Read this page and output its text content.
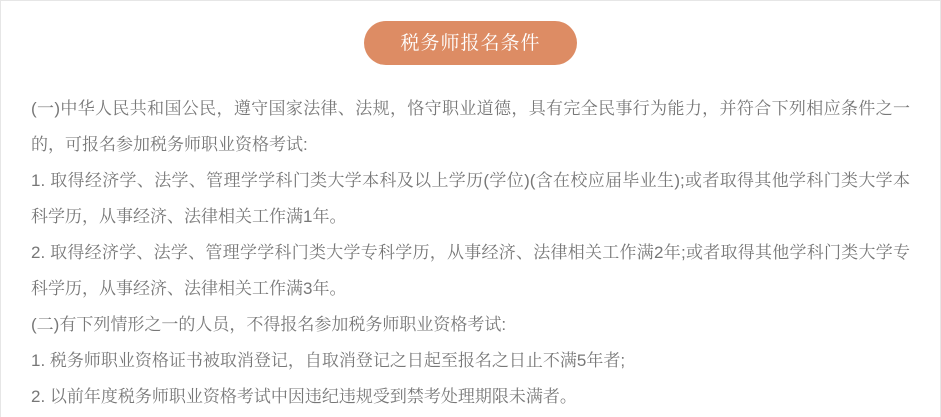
税务师报名条件

(一)中华人民共和国公民，遵守国家法律、法规，恪守职业道德，具有完全民事行为能力，并符合下列相应条件之一的，可报名参加税务师职业资格考试:

1. 取得经济学、法学、管理学学科门类大学本科及以上学历(学位)(含在校应届毕业生);或者取得其他学科门类大学本科学历，从事经济、法律相关工作满1年。

2. 取得经济学、法学、管理学学科门类大学专科学历，从事经济、法律相关工作满2年;或者取得其他学科门类大学专科学历，从事经济、法律相关工作满3年。

(二)有下列情形之一的人员，不得报名参加税务师职业资格考试:

1. 税务师职业资格证书被取消登记，自取消登记之日起至报名之日止不满5年者;

2. 以前年度税务师职业资格考试中因违纪违规受到禁考处理期限未满者。
